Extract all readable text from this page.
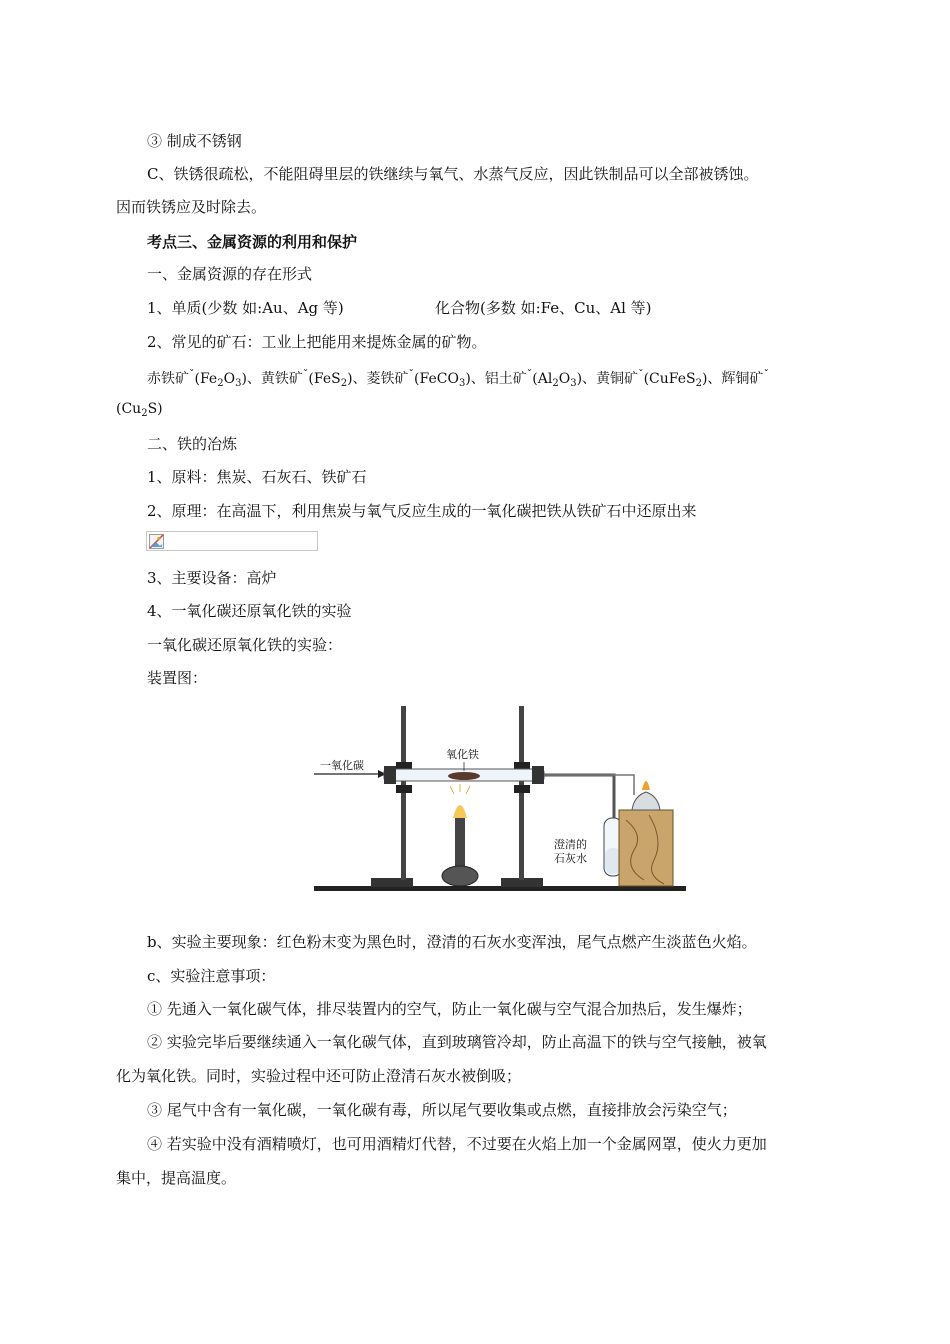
③ 制成不锈钢
C、铁锈很疏松，不能阻碍里层的铁继续与氧气、水蒸气反应，因此铁制品可以全部被锈蚀。
因而铁锈应及时除去。
考点三、金属资源的利用和保护
一、金属资源的存在形式
1、单质(少数 如:Au、Ag 等)	化合物(多数 如:Fe、Cu、Al 等)
2、常见的矿石：工业上把能用来提炼金属的矿物。
赤铁矿$^ˇ(Fe_2O_3)$、黄铁矿$^ˇ$(FeS$_2$)、菱铁矿$^ˇ$(FeCO$_3$)、铝土矿$^ˇ(Al_2O_3)$、黄铜矿$^ˇ$(CuFeS$_2$)、辉铜矿$^ˇ$
$(Cu_2S)$
二、铁的冶炼
1、原料：焦炭、石灰石、铁矿石
2、原理：在高温下，利用焦炭与氧气反应生成的一氧化碳把铁从铁矿石中还原出来
3、主要设备：高炉
4、一氧化碳还原氧化铁的实验
一氧化碳还原氧化铁的实验：
装置图：
一氧化碳
氧化铁
澄清的
石灰水
b、实验主要现象：红色粉末变为黑色时，澄清的石灰水变浑浊，尾气点燃产生淡蓝色火焰。
c、实验注意事项：
① 先通入一氧化碳气体，排尽装置内的空气，防止一氧化碳与空气混合加热后，发生爆炸；
② 实验完毕后要继续通入一氧化碳气体，直到玻璃管冷却，防止高温下的铁与空气接触，被氧
化为氧化铁。同时，实验过程中还可防止澄清石灰水被倒吸；
③ 尾气中含有一氧化碳，一氧化碳有毒，所以尾气要收集或点燃，直接排放会污染空气；
④ 若实验中没有酒精喷灯，也可用酒精灯代替，不过要在火焰上加一个金属网罩，使火力更加
集中，提高温度。
